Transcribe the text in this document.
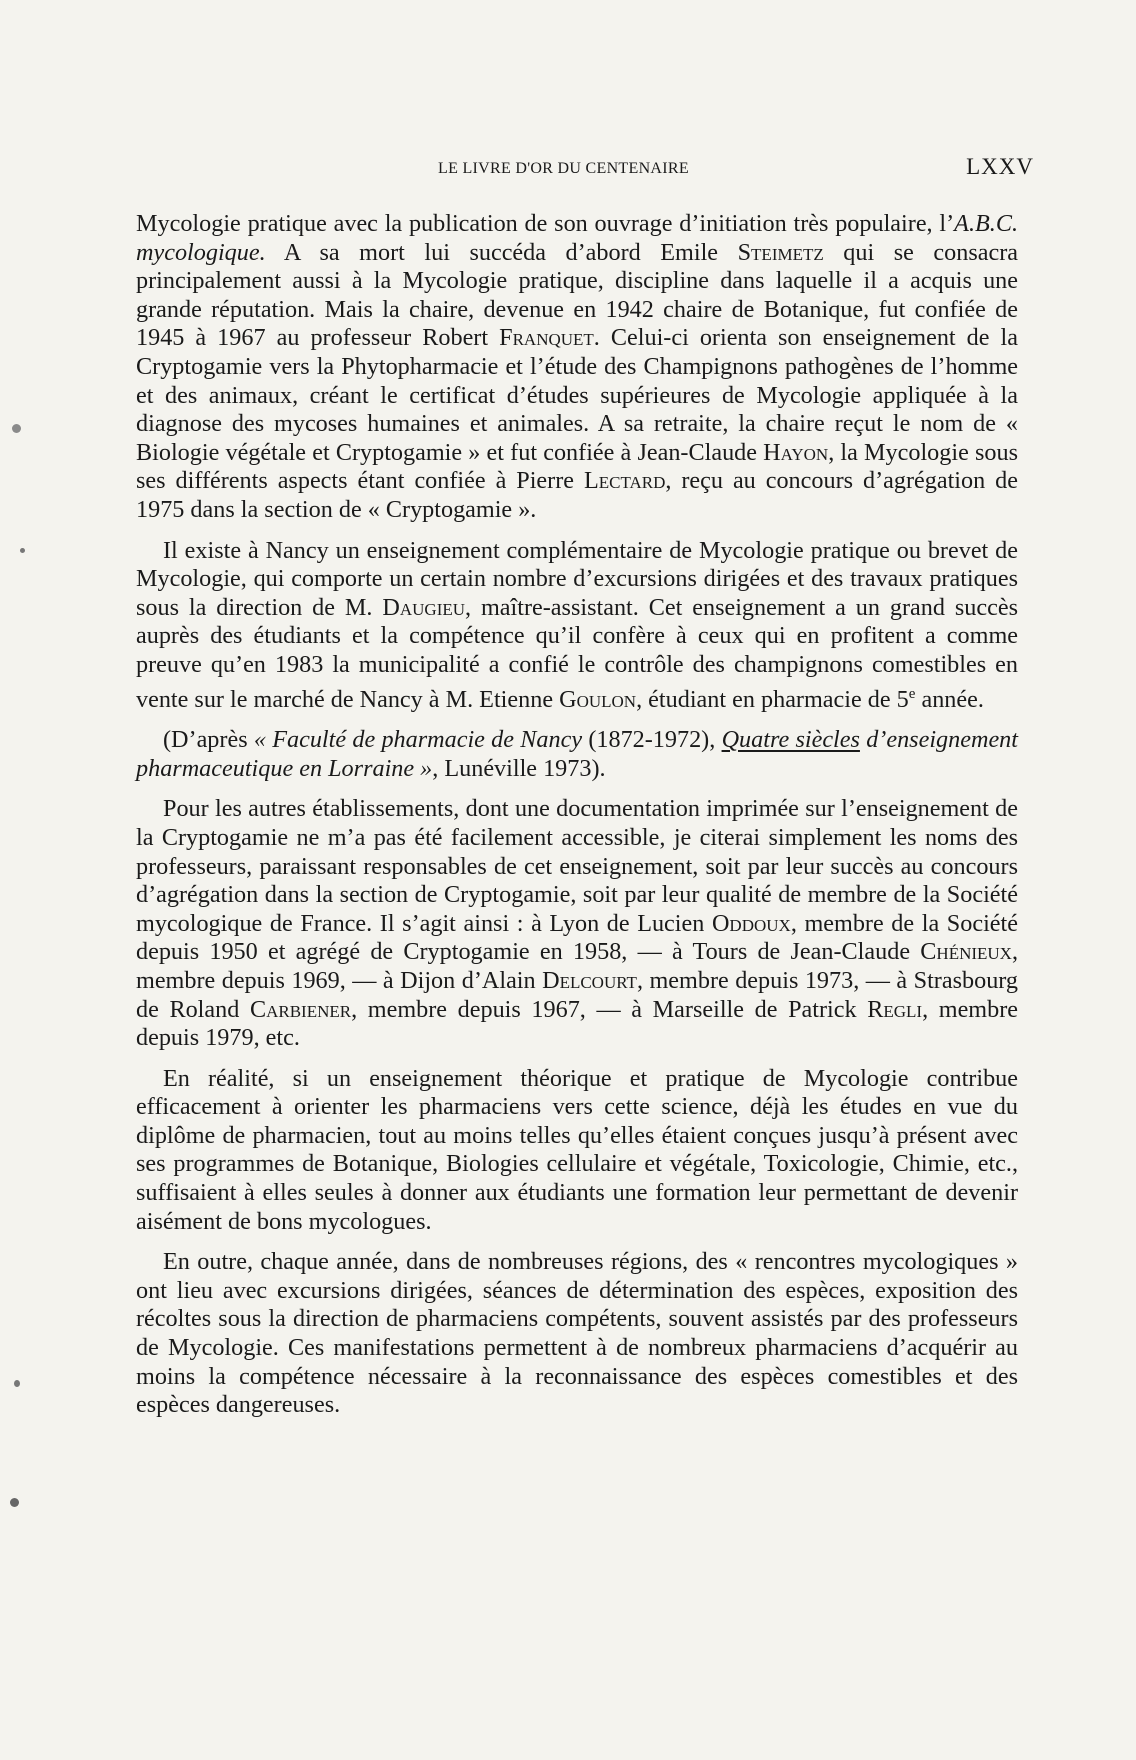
LE LIVRE D'OR DU CENTENAIRE	LXXV

Mycologie pratique avec la publication de son ouvrage d’initiation très populaire, l’A.B.C. mycologique. A sa mort lui succéda d’abord Emile Steimetz qui se consacra principalement aussi à la Mycologie pratique, discipline dans laquelle il a acquis une grande réputation. Mais la chaire, devenue en 1942 chaire de Botanique, fut confiée de 1945 à 1967 au professeur Robert Franquet. Celui-ci orienta son enseignement de la Cryptogamie vers la Phytopharmacie et l’étude des Champignons pathogènes de l’homme et des animaux, créant le certificat d’études supérieures de Mycologie appliquée à la diagnose des mycoses humaines et animales. A sa retraite, la chaire reçut le nom de « Biologie végétale et Cryptogamie » et fut confiée à Jean-Claude Hayon, la Mycologie sous ses différents aspects étant confiée à Pierre Lectard, reçu au concours d’agrégation de 1975 dans la section de « Cryptogamie ».

Il existe à Nancy un enseignement complémentaire de Mycologie pratique ou brevet de Mycologie, qui comporte un certain nombre d’excursions dirigées et des travaux pratiques sous la direction de M. Daugieu, maître-assistant. Cet enseignement a un grand succès auprès des étudiants et la compétence qu’il confère à ceux qui en profitent a comme preuve qu’en 1983 la municipalité a confié le contrôle des champignons comestibles en vente sur le marché de Nancy à M. Etienne Goulon, étudiant en pharmacie de 5e année.

(D’après « Faculté de pharmacie de Nancy (1872-1972), Quatre siècles d’enseignement pharmaceutique en Lorraine », Lunéville 1973).

Pour les autres établissements, dont une documentation imprimée sur l’enseignement de la Cryptogamie ne m’a pas été facilement accessible, je citerai simplement les noms des professeurs, paraissant responsables de cet enseignement, soit par leur succès au concours d’agrégation dans la section de Cryptogamie, soit par leur qualité de membre de la Société mycologique de France. Il s’agit ainsi : à Lyon de Lucien Oddoux, membre de la Société depuis 1950 et agrégé de Cryptogamie en 1958, — à Tours de Jean-Claude Chénieux, membre depuis 1969, — à Dijon d’Alain Delcourt, membre depuis 1973, — à Strasbourg de Roland Carbiener, membre depuis 1967, — à Marseille de Patrick Regli, membre depuis 1979, etc.

En réalité, si un enseignement théorique et pratique de Mycologie contribue efficacement à orienter les pharmaciens vers cette science, déjà les études en vue du diplôme de pharmacien, tout au moins telles qu’elles étaient conçues jusqu’à présent avec ses programmes de Botanique, Biologies cellulaire et végétale, Toxicologie, Chimie, etc., suffisaient à elles seules à donner aux étudiants une formation leur permettant de devenir aisément de bons mycologues.

En outre, chaque année, dans de nombreuses régions, des « rencontres mycologiques » ont lieu avec excursions dirigées, séances de détermination des espèces, exposition des récoltes sous la direction de pharmaciens compétents, souvent assistés par des professeurs de Mycologie. Ces manifestations permettent à de nombreux pharmaciens d’acquérir au moins la compétence nécessaire à la reconnaissance des espèces comestibles et des espèces dangereuses.
